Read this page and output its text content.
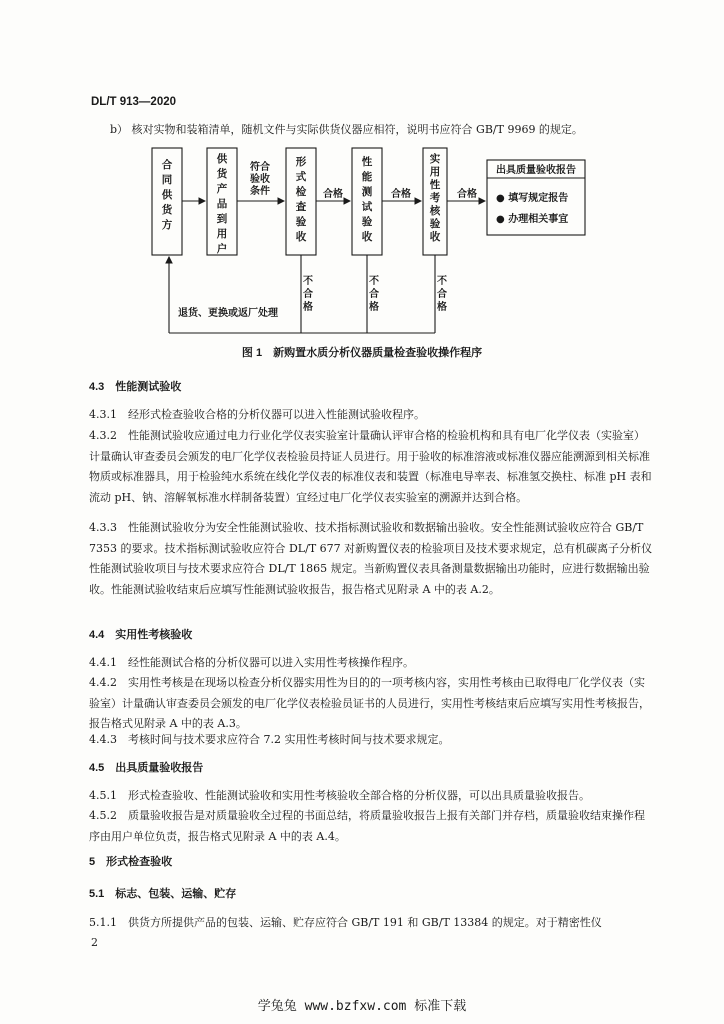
DL/T 913—2020
b） 核对实物和装箱清单，随机文件与实际供货仪器应相符，说明书应符合 GB/T 9969 的规定。
合同供货方
供货产品到用户
形式检查验收
性能测试验收
实用性考核验收
不合格
不合格
不合格
符合
验收
条件	合格	合格	合格
出具质量验收报告
● 填写规定报告
● 办理相关事宜
退货、更换或返厂处理
图 1　新购置水质分析仪器质量检查验收操作程序
4.3　性能测试验收
4.3.1　经形式检查验收合格的分析仪器可以进入性能测试验收程序。
4.3.2　性能测试验收应通过电力行业化学仪表实验室计量确认评审合格的检验机构和具有电厂化学仪表（实验室）计量确认审查委员会颁发的电厂化学仪表检验员持证人员进行。用于验收的标准溶液或标准仪器应能溯源到相关标准物质或标准器具，用于检验纯水系统在线化学仪表的标准仪表和装置（标准电导率表、标准氢交换柱、标准 pH 表和流动 pH、钠、溶解氧标准水样制备装置）宜经过电厂化学仪表实验室的溯源并达到合格。
4.3.3　性能测试验收分为安全性能测试验收、技术指标测试验收和数据输出验收。安全性能测试验收应符合 GB/T 7353 的要求。技术指标测试验收应符合 DL/T 677 对新购置仪表的检验项目及技术要求规定，总有机碳离子分析仪性能测试验收项目与技术要求应符合 DL/T 1865 规定。当新购置仪表具备测量数据输出功能时，应进行数据输出验收。性能测试验收结束后应填写性能测试验收报告，报告格式见附录 A 中的表 A.2。
4.4　实用性考核验收
4.4.1　经性能测试合格的分析仪器可以进入实用性考核操作程序。
4.4.2　实用性考核是在现场以检查分析仪器实用性为目的的一项考核内容，实用性考核由已取得电厂化学仪表（实验室）计量确认审查委员会颁发的电厂化学仪表检验员证书的人员进行，实用性考核结束后应填写实用性考核报告，报告格式见附录 A 中的表 A.3。
4.4.3　考核时间与技术要求应符合 7.2 实用性考核时间与技术要求规定。
4.5　出具质量验收报告
4.5.1　形式检查验收、性能测试验收和实用性考核验收全部合格的分析仪器，可以出具质量验收报告。
4.5.2　质量验收报告是对质量验收全过程的书面总结，将质量验收报告上报有关部门并存档，质量验收结束操作程序由用户单位负责，报告格式见附录 A 中的表 A.4。
5　形式检查验收
5.1　标志、包装、运输、贮存
5.1.1　供货方所提供产品的包装、运输、贮存应符合 GB/T 191 和 GB/T 13384 的规定。对于精密性仪
2
学兔兔 www.bzfxw.com 标准下载
